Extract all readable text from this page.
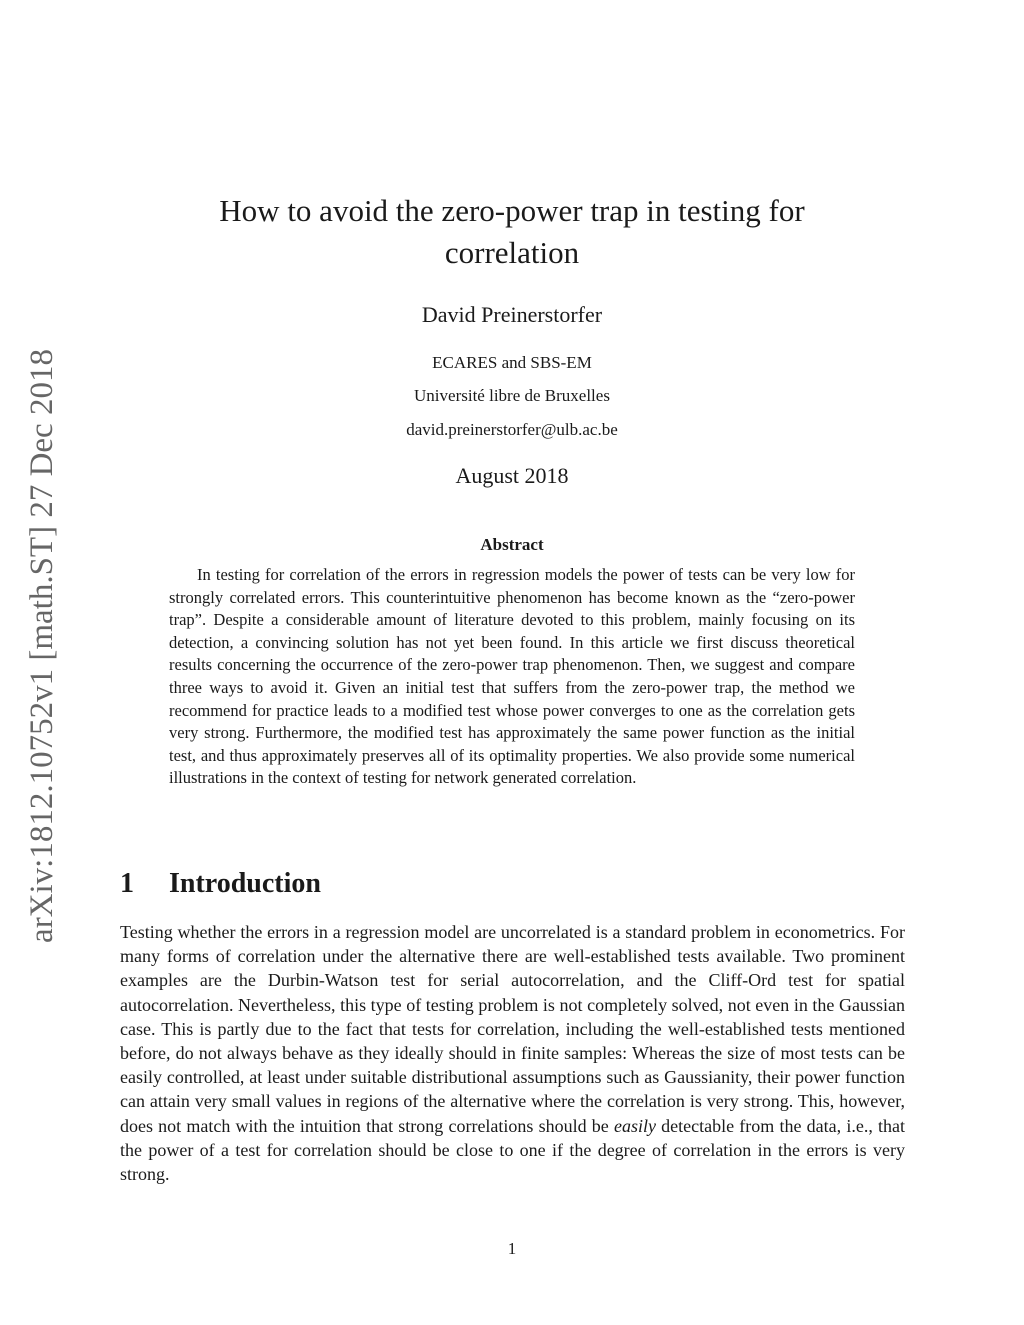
arXiv:1812.10752v1 [math.ST] 27 Dec 2018
How to avoid the zero-power trap in testing for correlation
David Preinerstorfer
ECARES and SBS-EM
Université libre de Bruxelles
david.preinerstorfer@ulb.ac.be
August 2018
Abstract

In testing for correlation of the errors in regression models the power of tests can be very low for strongly correlated errors. This counterintuitive phenomenon has become known as the “zero-power trap”. Despite a considerable amount of literature devoted to this problem, mainly focusing on its detection, a convincing solution has not yet been found. In this article we first discuss theoretical results concerning the occurrence of the zero-power trap phenomenon. Then, we suggest and compare three ways to avoid it. Given an initial test that suffers from the zero-power trap, the method we recommend for practice leads to a modified test whose power converges to one as the correlation gets very strong. Furthermore, the modified test has approximately the same power function as the initial test, and thus approximately preserves all of its optimality properties. We also provide some numerical illustrations in the context of testing for network generated correlation.

1 Introduction

Testing whether the errors in a regression model are uncorrelated is a standard problem in econometrics. For many forms of correlation under the alternative there are well-established tests available. Two prominent examples are the Durbin-Watson test for serial autocorrelation, and the Cliff-Ord test for spatial autocorrelation. Nevertheless, this type of testing problem is not completely solved, not even in the Gaussian case. This is partly due to the fact that tests for correlation, including the well-established tests mentioned before, do not always behave as they ideally should in finite samples: Whereas the size of most tests can be easily controlled, at least under suitable distributional assumptions such as Gaussianity, their power function can attain very small values in regions of the alternative where the correlation is very strong. This, however, does not match with the intuition that strong correlations should be easily detectable from the data, i.e., that the power of a test for correlation should be close to one if the degree of correlation in the errors is very strong.

1
